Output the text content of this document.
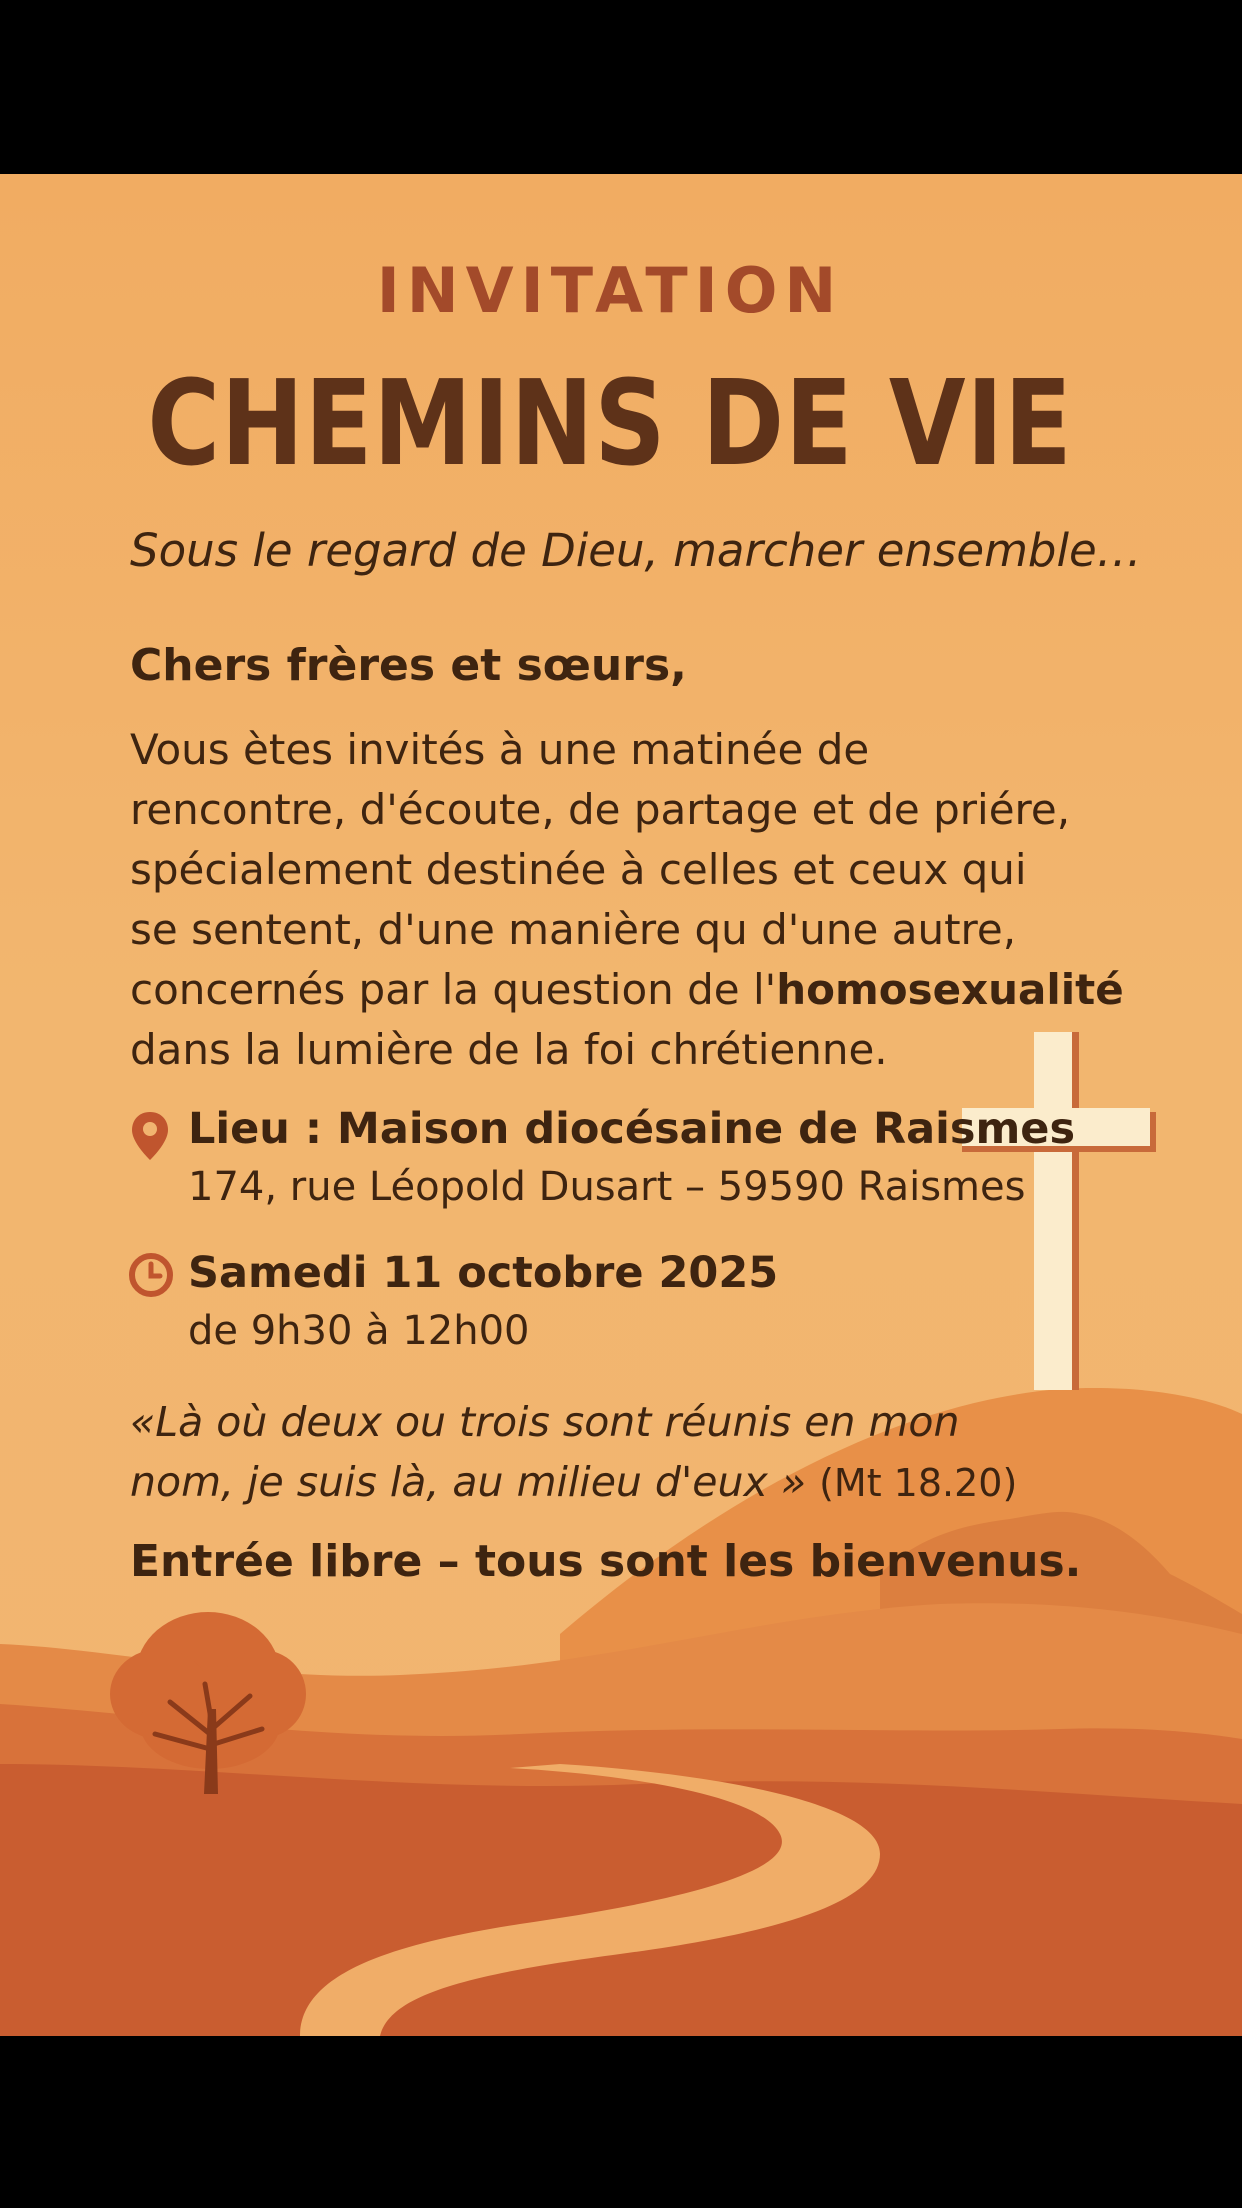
INVITATION

CHEMINS DE VIE

Sous le regard de Dieu, marcher ensemble…

Chers frères et sœurs,

Vous ètes invités à une matinée de
rencontre, d'écoute, de partage et de priére,
spécialement destinée à celles et ceux qui
se sentent, d'une manière qu d'une autre,
concernés par la question de l'homosexualité
dans la lumière de la foi chrétienne.

Lieu : Maison diocésaine de Raismes

174, rue Léopold Dusart – 59590 Raismes

Samedi 11 octobre 2025

de 9h30 à 12h00

«Là où deux ou trois sont réunis en mon
nom, je suis là, au milieu d'eux » (Mt 18.20)

Entrée libre – tous sont les bienvenus.
